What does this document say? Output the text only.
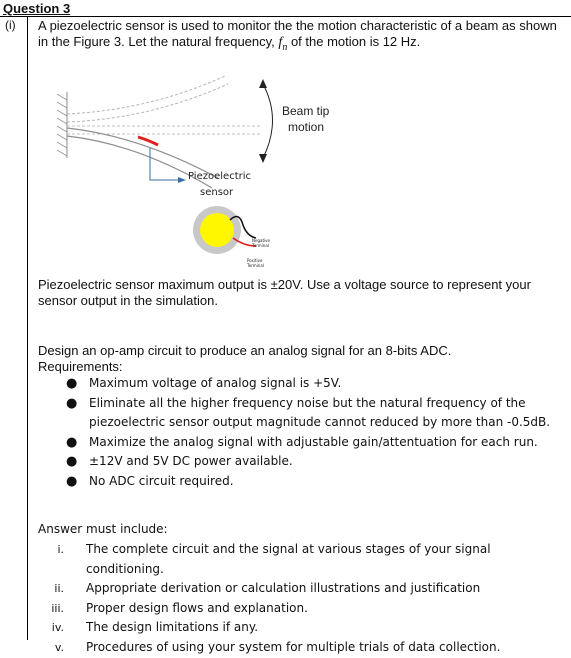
Question 3
(i) A piezoelectric sensor is used to monitor the the motion characteristic of a beam as shown in the Figure 3. Let the natural frequency, $f_n$ of the motion is 12 Hz.
Beam tip
motion
Piezoelectric
sensor
Negative
Terminal
Positive
Terminal
Piezoelectric sensor maximum output is ±20V. Use a voltage source to represent your sensor output in the simulation.
Design an op-amp circuit to produce an analog signal for an 8-bits ADC.
Requirements:
● Maximum voltage of analog signal is +5V.
● Eliminate all the higher frequency noise but the natural frequency of the piezoelectric sensor output magnitude cannot reduced by more than -0.5dB.
● Maximize the analog signal with adjustable gain/attentuation for each run.
● ±12V and 5V DC power available.
● No ADC circuit required.
Answer must include:
i. The complete circuit and the signal at various stages of your signal conditioning.
ii. Appropriate derivation or calculation illustrations and justification
iii. Proper design flows and explanation.
iv. The design limitations if any.
v. Procedures of using your system for multiple trials of data collection.
